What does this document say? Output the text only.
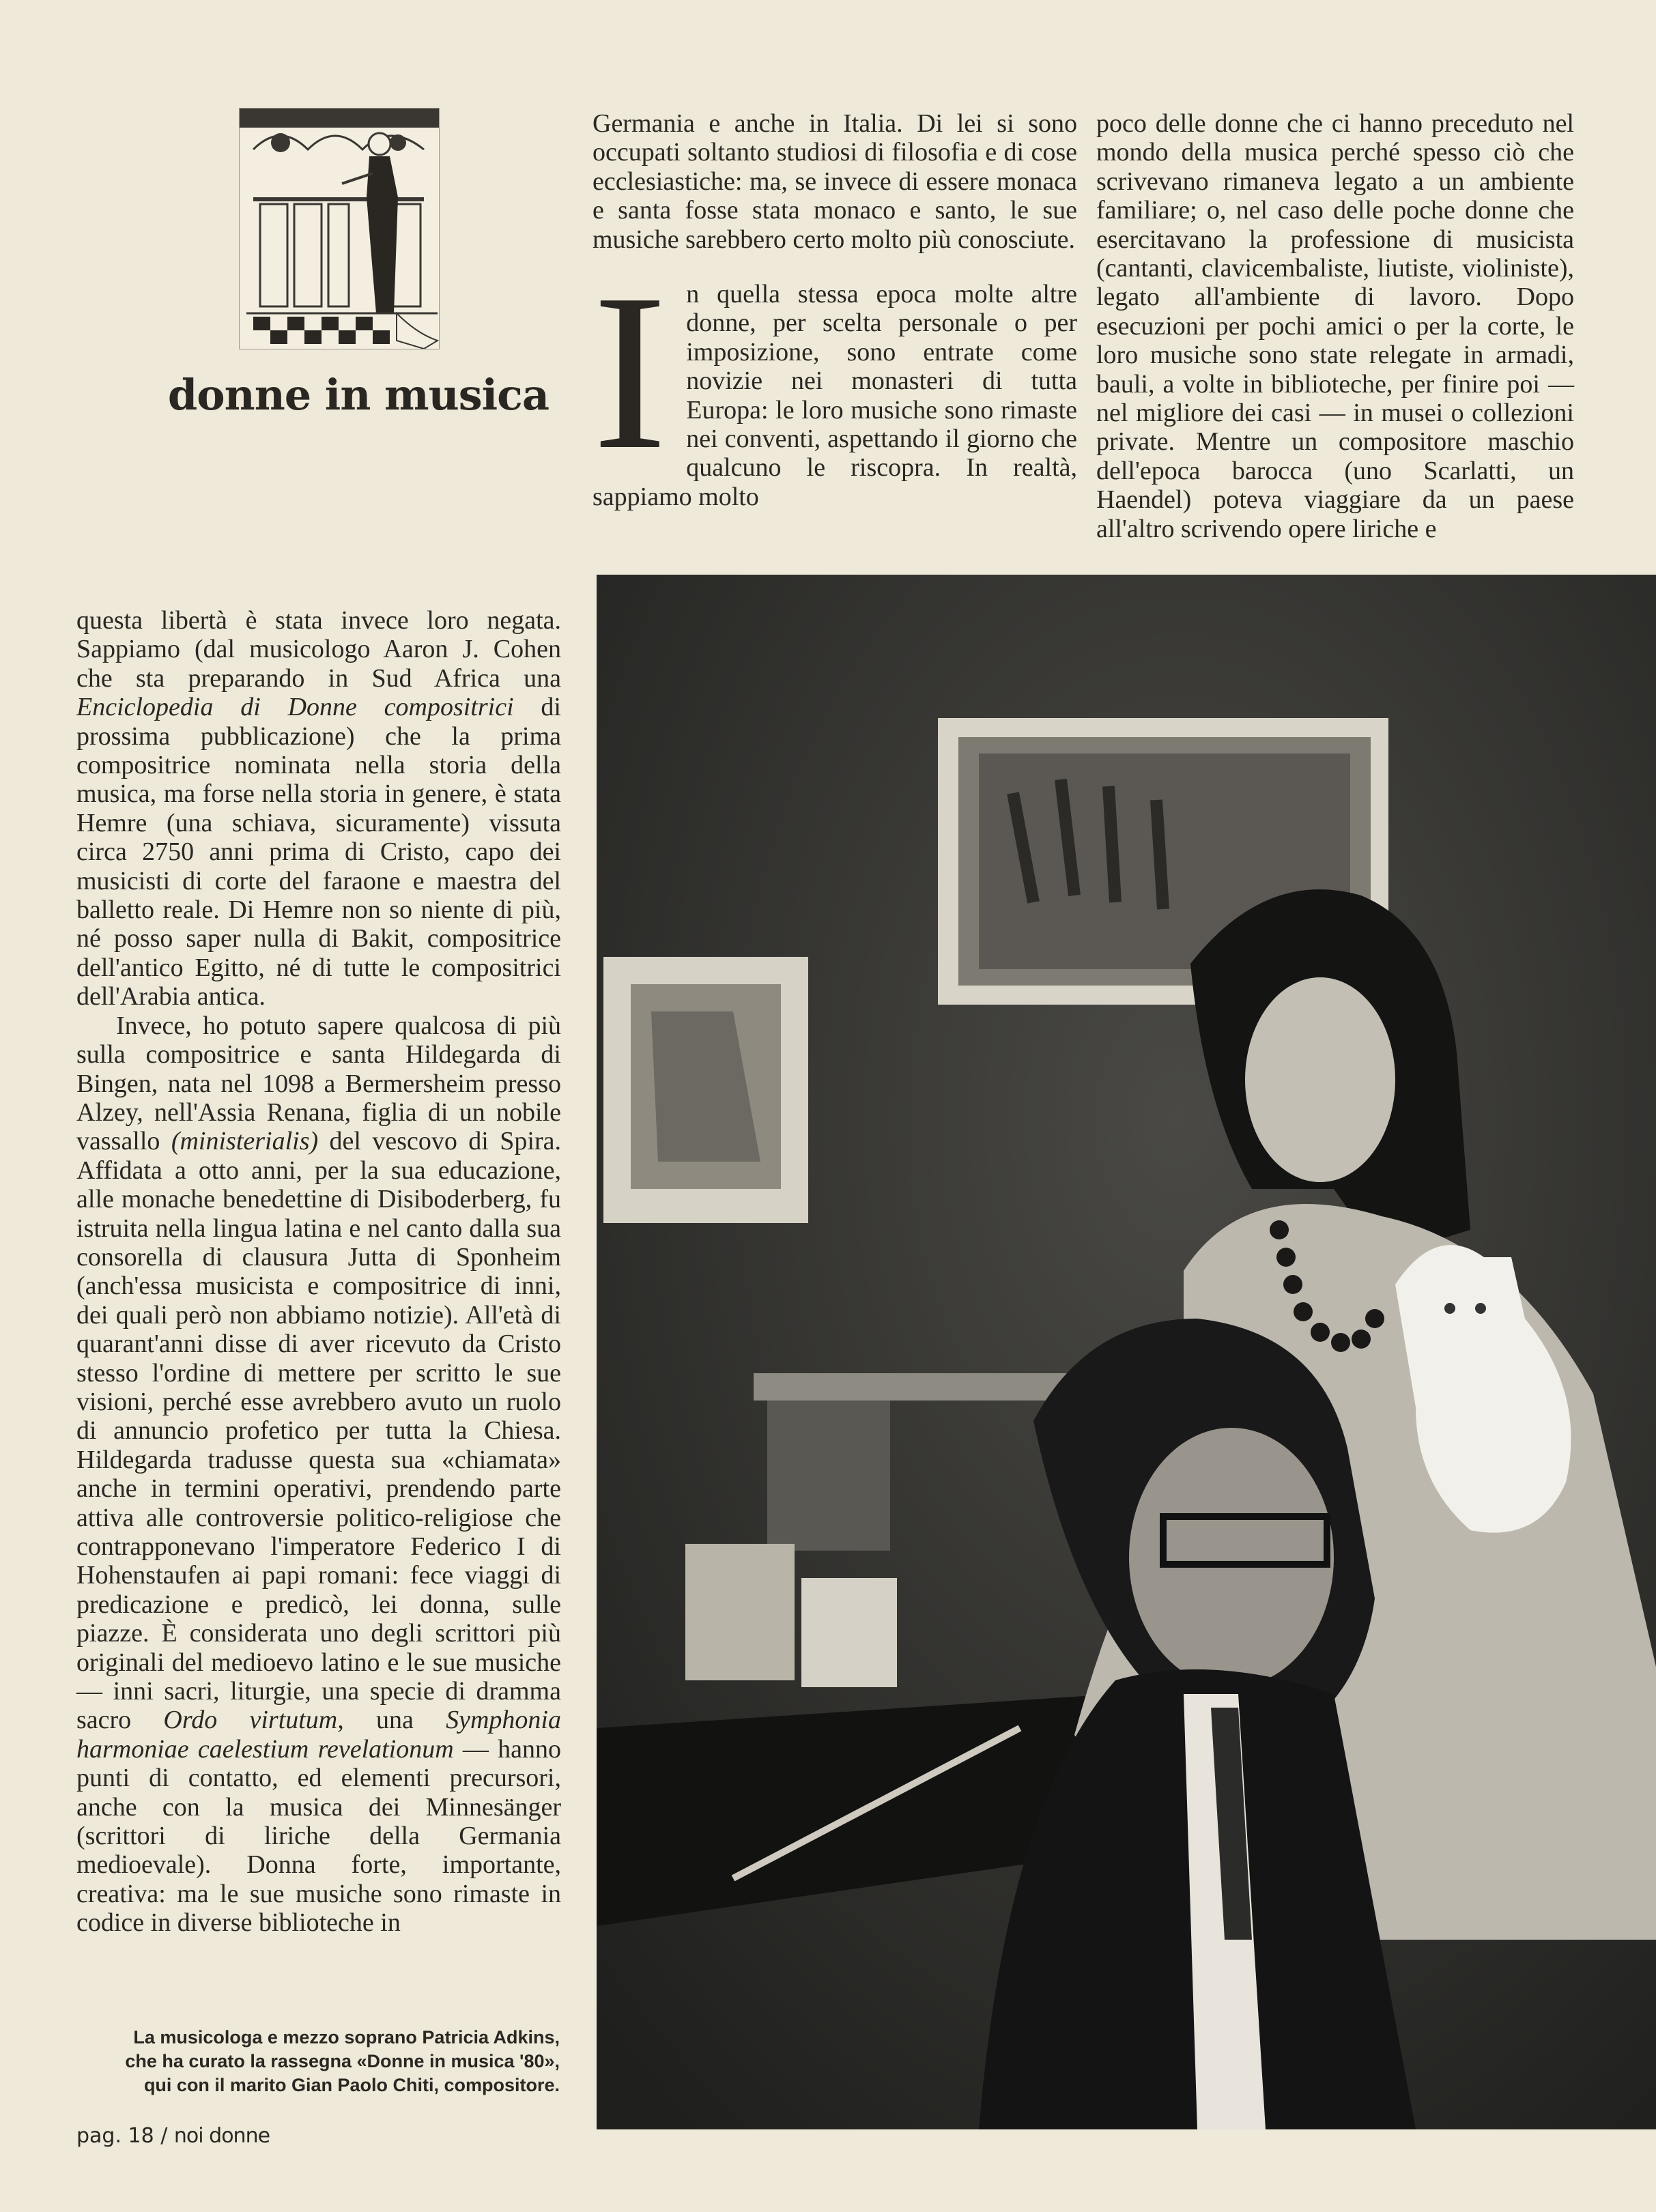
donne in musica

Germania e anche in Italia. Di lei si sono occupati soltanto studiosi di filosofia e di cose ecclesiastiche: ma, se invece di essere monaca e santa fosse stata monaco e santo, le sue musiche sarebbero certo molto più conosciute.

In quella stessa epoca molte altre donne, per scelta personale o per imposizione, sono entrate come novizie nei monasteri di tutta Europa: le loro musiche sono rimaste nei conventi, aspettando il giorno che qualcuno le riscopra. In realtà, sappiamo molto

poco delle donne che ci hanno preceduto nel mondo della musica perché spesso ciò che scrivevano rimaneva legato a un ambiente familiare; o, nel caso delle poche donne che esercitavano la professione di musicista (cantanti, clavicembaliste, liutiste, violiniste), legato all'ambiente di lavoro. Dopo esecuzioni per pochi amici o per la corte, le loro musiche sono state relegate in armadi, bauli, a volte in biblioteche, per finire poi — nel migliore dei casi — in musei o collezioni private. Mentre un compositore maschio dell'epoca barocca (uno Scarlatti, un Haendel) poteva viaggiare da un paese all'altro scrivendo opere liriche e

questa libertà è stata invece loro negata. Sappiamo (dal musicologo Aaron J. Cohen che sta preparando in Sud Africa una Enciclopedia di Donne compositrici di prossima pubblicazione) che la prima compositrice nominata nella storia della musica, ma forse nella storia in genere, è stata Hemre (una schiava, sicuramente) vissuta circa 2750 anni prima di Cristo, capo dei musicisti di corte del faraone e maestra del balletto reale. Di Hemre non so niente di più, né posso saper nulla di Bakit, compositrice dell'antico Egitto, né di tutte le compositrici dell'Arabia antica.

Invece, ho potuto sapere qualcosa di più sulla compositrice e santa Hildegarda di Bingen, nata nel 1098 a Bermersheim presso Alzey, nell'Assia Renana, figlia di un nobile vassallo (ministerialis) del vescovo di Spira. Affidata a otto anni, per la sua educazione, alle monache benedettine di Disiboderberg, fu istruita nella lingua latina e nel canto dalla sua consorella di clausura Jutta di Sponheim (anch'essa musicista e compositrice di inni, dei quali però non abbiamo notizie). All'età di quarant'anni disse di aver ricevuto da Cristo stesso l'ordine di mettere per scritto le sue visioni, perché esse avrebbero avuto un ruolo di annuncio profetico per tutta la Chiesa. Hildegarda tradusse questa sua «chiamata» anche in termini operativi, prendendo parte attiva alle controversie politico-religiose che contrapponevano l'imperatore Federico I di Hohenstaufen ai papi romani: fece viaggi di predicazione e predicò, lei donna, sulle piazze. È considerata uno degli scrittori più originali del medioevo latino e le sue musiche — inni sacri, liturgie, una specie di dramma sacro Ordo virtutum, una Symphonia harmoniae caelestium revelationum — hanno punti di contatto, ed elementi precursori, anche con la musica dei Minnesänger (scrittori di liriche della Germania medioevale). Donna forte, importante, creativa: ma le sue musiche sono rimaste in codice in diverse biblioteche in

La musicologa e mezzo soprano Patricia Adkins, che ha curato la rassegna «Donne in musica '80», qui con il marito Gian Paolo Chiti, compositore.
pag. 18 / noi donne
